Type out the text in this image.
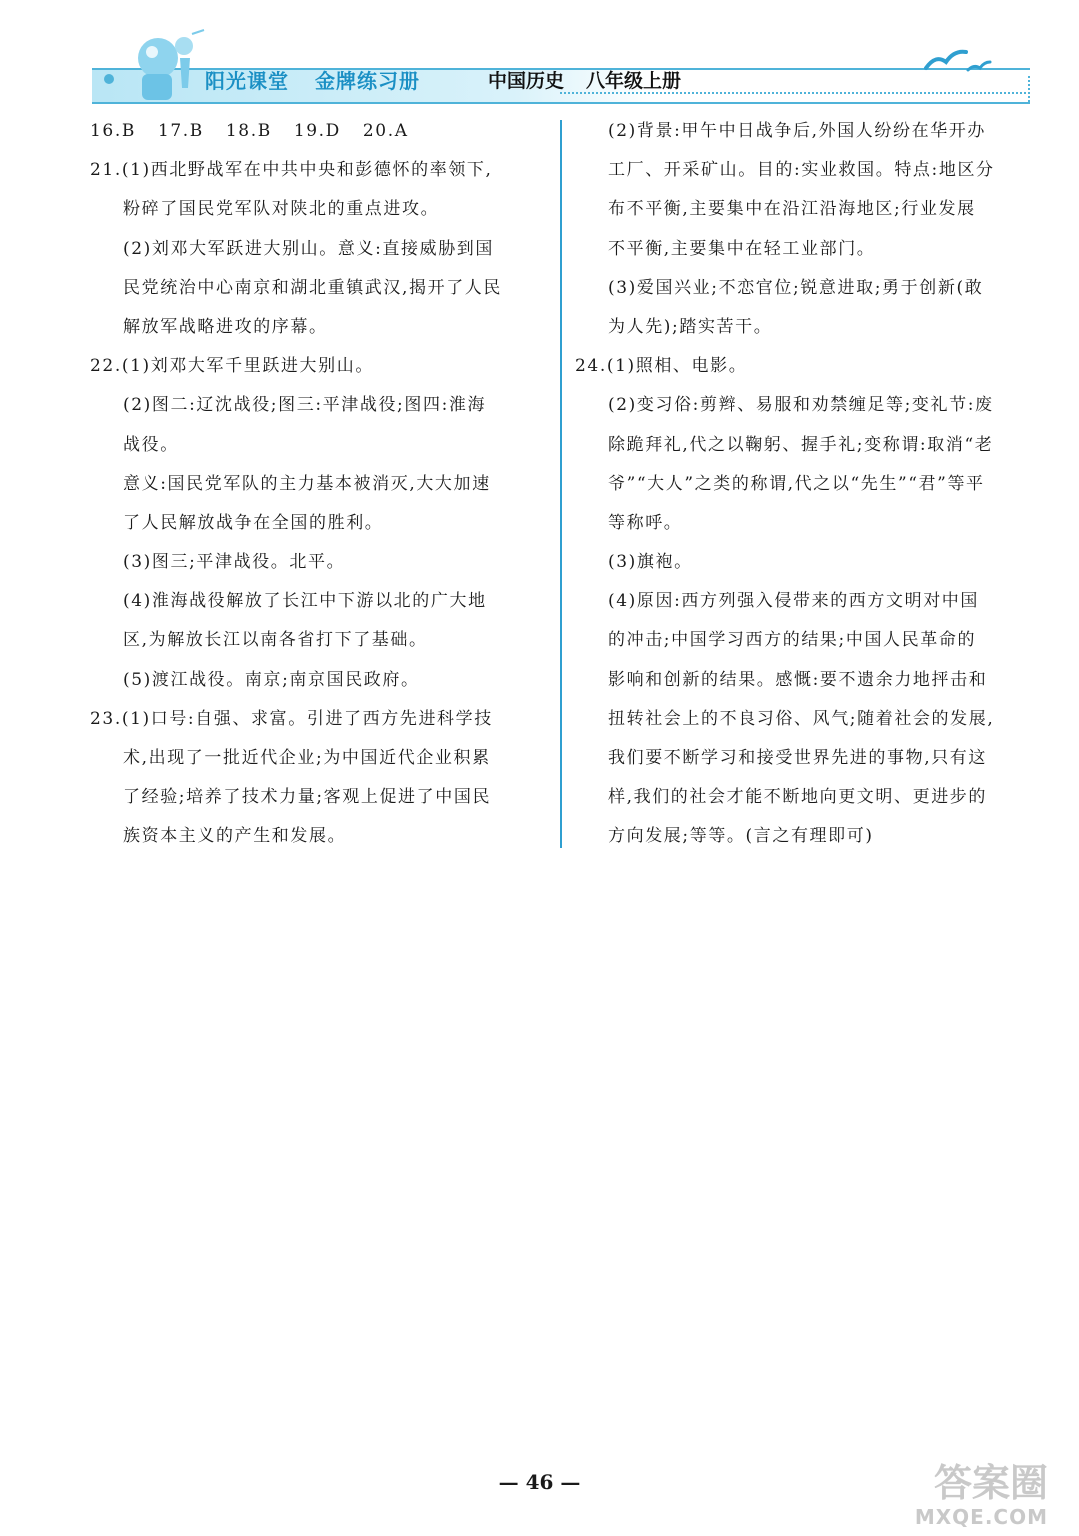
阳光课堂 金牌练习册	中国历史 八年级上册
16.B 17.B 18.B 19.D 20.A
21.(1)西北野战军在中共中央和彭德怀的率领下,
粉碎了国民党军队对陕北的重点进攻。
(2)刘邓大军跃进大别山。意义:直接威胁到国
民党统治中心南京和湖北重镇武汉,揭开了人民
解放军战略进攻的序幕。
22.(1)刘邓大军千里跃进大别山。
(2)图二:辽沈战役;图三:平津战役;图四:淮海
战役。
意义:国民党军队的主力基本被消灭,大大加速
了人民解放战争在全国的胜利。
(3)图三;平津战役。北平。
(4)淮海战役解放了长江中下游以北的广大地
区,为解放长江以南各省打下了基础。
(5)渡江战役。南京;南京国民政府。
23.(1)口号:自强、求富。引进了西方先进科学技
术,出现了一批近代企业;为中国近代企业积累
了经验;培养了技术力量;客观上促进了中国民
族资本主义的产生和发展。
(2)背景:甲午中日战争后,外国人纷纷在华开办
工厂、开采矿山。目的:实业救国。特点:地区分
布不平衡,主要集中在沿江沿海地区;行业发展
不平衡,主要集中在轻工业部门。
(3)爱国兴业;不恋官位;锐意进取;勇于创新(敢
为人先);踏实苦干。
24.(1)照相、电影。
(2)变习俗:剪辫、易服和劝禁缠足等;变礼节:废
除跪拜礼,代之以鞠躬、握手礼;变称谓:取消“老
爷”“大人”之类的称谓,代之以“先生”“君”等平
等称呼。
(3)旗袍。
(4)原因:西方列强入侵带来的西方文明对中国
的冲击;中国学习西方的结果;中国人民革命的
影响和创新的结果。感慨:要不遗余力地抨击和
扭转社会上的不良习俗、风气;随着社会的发展,
我们要不断学习和接受世界先进的事物,只有这
样,我们的社会才能不断地向更文明、更进步的
方向发展;等等。(言之有理即可)
— 46 —	答案圈
MXQE.COM
